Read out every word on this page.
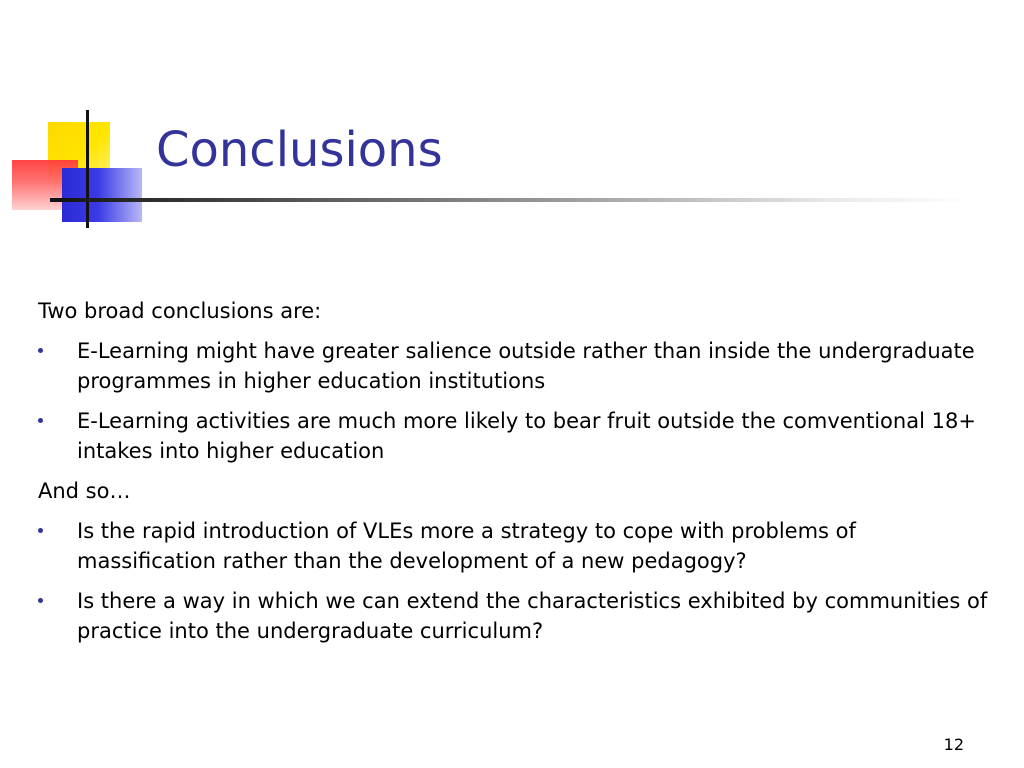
Conclusions

Two broad conclusions are:

E-Learning might have greater salience outside rather than inside the undergraduate programmes in higher education institutions
E-Learning activities are much more likely to bear fruit outside the comventional 18+ intakes into higher education

And so…

Is the rapid introduction of VLEs more a strategy to cope with problems of massification rather than the development of a new pedagogy?
Is there a way in which we can extend the characteristics exhibited by communities of practice into the undergraduate curriculum?
12
